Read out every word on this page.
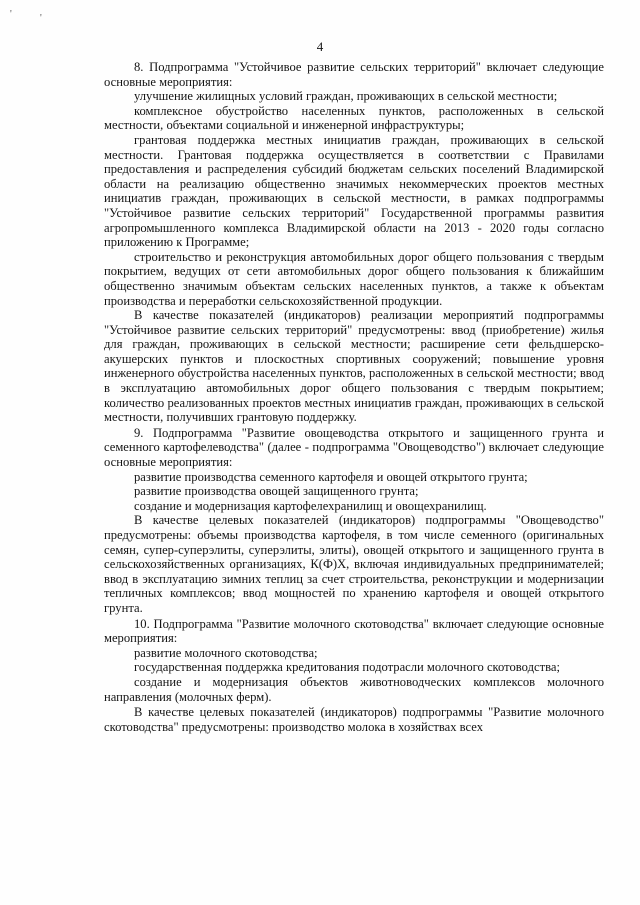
'	'
4

8. Подпрограмма "Устойчивое развитие сельских территорий" включает следующие основные мероприятия:

улучшение жилищных условий граждан, проживающих в сельской местности;

комплексное обустройство населенных пунктов, расположенных в сельской местности, объектами социальной и инженерной инфраструктуры;

грантовая поддержка местных инициатив граждан, проживающих в сельской местности. Грантовая поддержка осуществляется в соответствии с Правилами предоставления и распределения субсидий бюджетам сельских поселений Владимирской области на реализацию общественно значимых некоммерческих проектов местных инициатив граждан, проживающих в сельской местности, в рамках подпрограммы "Устойчивое развитие сельских территорий" Государственной программы развития агропромышленного комплекса Владимирской области на 2013 - 2020 годы согласно приложению к Программе;

строительство и реконструкция автомобильных дорог общего пользования с твердым покрытием, ведущих от сети автомобильных дорог общего пользования к ближайшим общественно значимым объектам сельских населенных пунктов, а также к объектам производства и переработки сельскохозяйственной продукции.

В качестве показателей (индикаторов) реализации мероприятий подпрограммы "Устойчивое развитие сельских территорий" предусмотрены: ввод (приобретение) жилья для граждан, проживающих в сельской местности; расширение сети фельдшерско-акушерских пунктов и плоскостных спортивных сооружений; повышение уровня инженерного обустройства населенных пунктов, расположенных в сельской местности; ввод в эксплуатацию автомобильных дорог общего пользования с твердым покрытием; количество реализованных проектов местных инициатив граждан, проживающих в сельской местности, получивших грантовую поддержку.

9. Подпрограмма "Развитие овощеводства открытого и защищенного грунта и семенного картофелеводства" (далее - подпрограмма "Овощеводство") включает следующие основные мероприятия:

развитие производства семенного картофеля и овощей открытого грунта;

развитие производства овощей защищенного грунта;

создание и модернизация картофелехранилищ и овощехранилищ.

В качестве целевых показателей (индикаторов) подпрограммы "Овощеводство" предусмотрены: объемы производства картофеля, в том числе семенного (оригинальных семян, супер-суперэлиты, суперэлиты, элиты), овощей открытого и защищенного грунта в сельскохозяйственных организациях, К(Ф)Х, включая индивидуальных предпринимателей; ввод в эксплуатацию зимних теплиц за счет строительства, реконструкции и модернизации тепличных комплексов; ввод мощностей по хранению картофеля и овощей открытого грунта.

10. Подпрограмма "Развитие молочного скотоводства" включает следующие основные мероприятия:

развитие молочного скотоводства;

государственная поддержка кредитования подотрасли молочного скотоводства;

создание и модернизация объектов животноводческих комплексов молочного направления (молочных ферм).

В качестве целевых показателей (индикаторов) подпрограммы "Развитие молочного скотоводства" предусмотрены: производство молока в хозяйствах всех
